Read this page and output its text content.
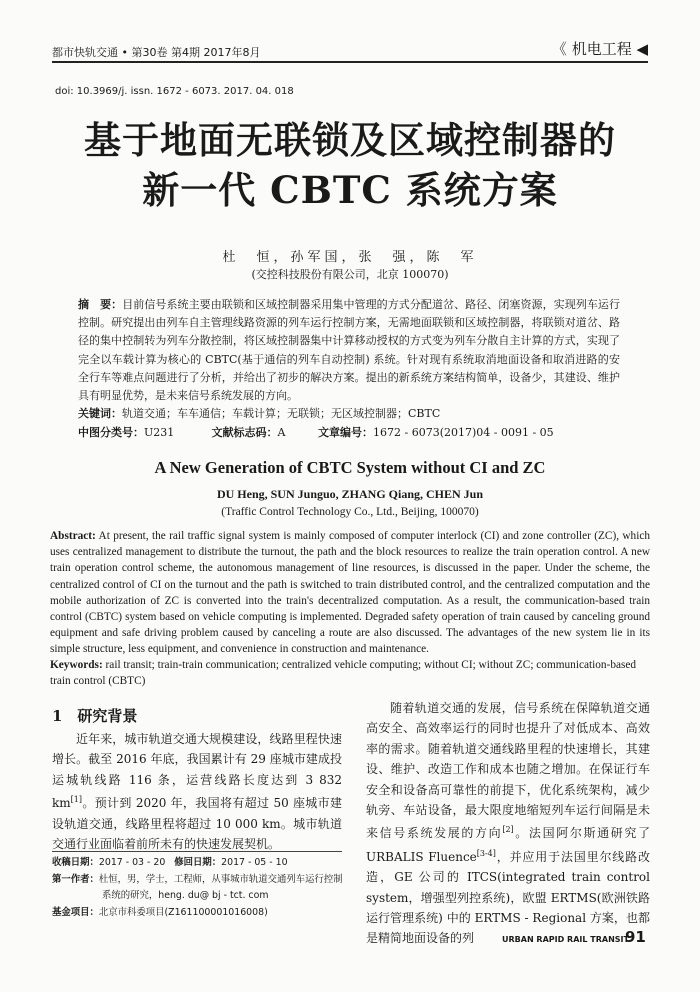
都市快轨交通 • 第30卷 第4期 2017年8月	《 机电工程 ◀
doi: 10.3969/j. issn. 1672 - 6073. 2017. 04. 018
基于地面无联锁及区域控制器的
新一代 CBTC 系统方案
杜　恒，孙军国，张　强，陈　军
(交控科技股份有限公司，北京 100070)
摘　要：目前信号系统主要由联锁和区域控制器采用集中管理的方式分配道岔、路径、闭塞资源，实现列车运行控制。研究提出由列车自主管理线路资源的列车运行控制方案，无需地面联锁和区域控制器，将联锁对道岔、路径的集中控制转为列车分散控制，将区域控制器集中计算移动授权的方式变为列车分散自主计算的方式，实现了完全以车载计算为核心的 CBTC(基于通信的列车自动控制) 系统。针对现有系统取消地面设备和取消进路的安全行车等难点问题进行了分析，并给出了初步的解决方案。提出的新系统方案结构简单，设备少，其建设、维护具有明显优势，是未来信号系统发展的方向。
关键词：轨道交通；车车通信；车载计算；无联锁；无区域控制器；CBTC
中图分类号：U231	文献标志码：A	文章编号：1672 - 6073(2017)04 - 0091 - 05
A New Generation of CBTC System without CI and ZC
DU Heng, SUN Junguo, ZHANG Qiang, CHEN Jun
(Traffic Control Technology Co., Ltd., Beijing, 100070)
Abstract: At present, the rail traffic signal system is mainly composed of computer interlock (CI) and zone controller (ZC), which uses centralized management to distribute the turnout, the path and the block resources to realize the train operation control. A new train operation control scheme, the autonomous management of line resources, is discussed in the paper. Under the scheme, the centralized control of CI on the turnout and the path is switched to train distributed control, and the centralized computation and the mobile authorization of ZC is converted into the train's decentralized computation. As a result, the communication-based train control (CBTC) system based on vehicle computing is implemented. Degraded safety operation of train caused by canceling ground equipment and safe driving problem caused by canceling a route are also discussed. The advantages of the new system lie in its simple structure, less equipment, and convenience in construction and maintenance.
Keywords: rail transit; train-train communication; centralized vehicle computing; without CI; without ZC; communication-based train control (CBTC)
1　研究背景
近年来，城市轨道交通大规模建设，线路里程快速增长。截至 2016 年底，我国累计有 29 座城市建成投运城轨线路 116 条，运营线路长度达到 3 832 km[1]。预计到 2020 年，我国将有超过 50 座城市建设轨道交通，线路里程将超过 10 000 km。城市轨道交通行业面临着前所未有的快速发展契机。
随着轨道交通的发展，信号系统在保障轨道交通高安全、高效率运行的同时也提升了对低成本、高效率的需求。随着轨道交通线路里程的快速增长，其建设、维护、改造工作和成本也随之增加。在保证行车安全和设备高可靠性的前提下，优化系统架构，减少轨旁、车站设备，最大限度地缩短列车运行间隔是未来信号系统发展的方向[2]。法国阿尔斯通研究了 URBALIS Fluence[3-4]，并应用于法国里尔线路改造，GE 公司的 ITCS(integrated train control system，增强型列控系统)，欧盟 ERTMS(欧洲铁路运行管理系统) 中的 ERTMS - Regional 方案，也都是精简地面设备的列
收稿日期：2017 - 03 - 20 修回日期：2017 - 05 - 10
第一作者：杜恒，男，学士，工程师，从事城市轨道交通列车运行控制
系统的研究，heng. du@ bj - tct. com
基金项目：北京市科委项目(Z161100001016008)
URBAN RAPID RAIL TRANSIT
91
